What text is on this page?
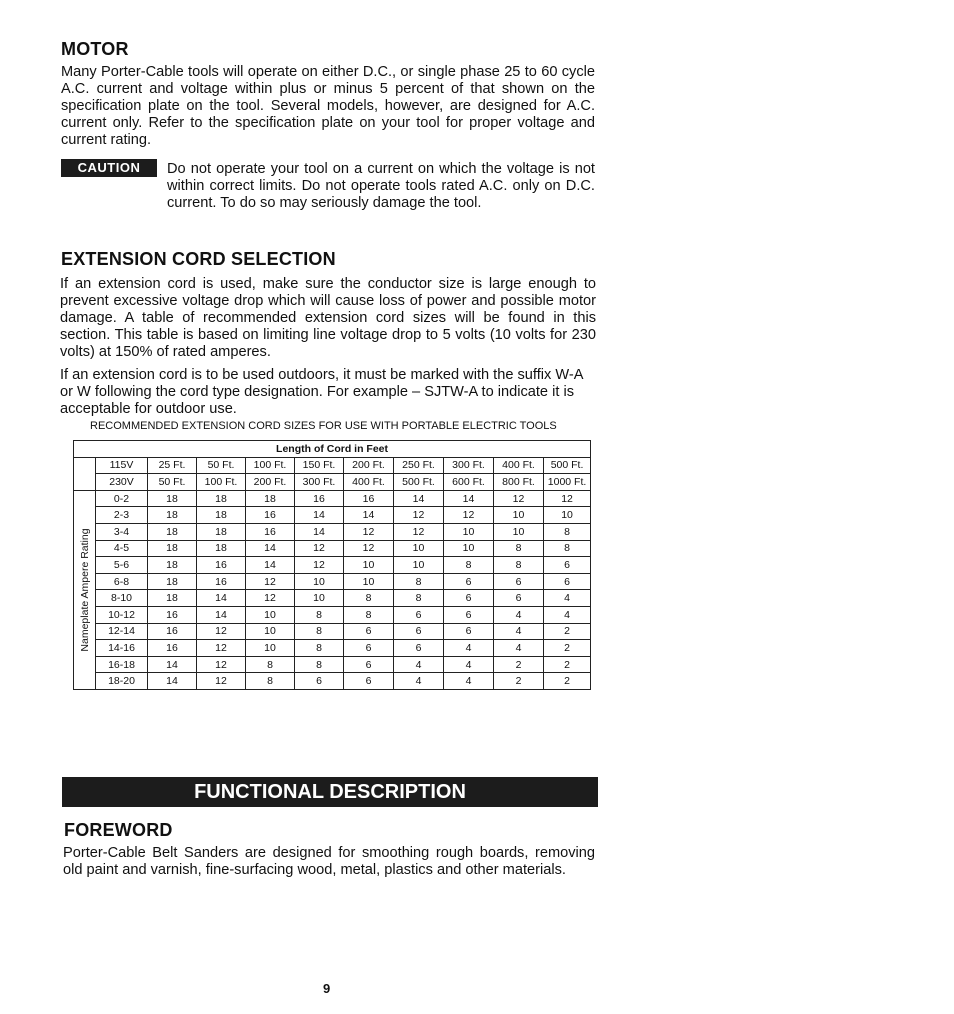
MOTOR

Many Porter-Cable tools will operate on either D.C., or single phase 25 to 60 cycle A.C. current and voltage within plus or minus 5 percent of that shown on the specification plate on the tool. Several models, however, are designed for A.C. current only. Refer to the specification plate on your tool for proper voltage and current rating.

CAUTION	Do not operate your tool on a current on which the voltage is not within correct limits. Do not operate tools rated A.C. only on D.C. current. To do so may seriously damage the tool.

EXTENSION CORD SELECTION

If an extension cord is used, make sure the conductor size is large enough to prevent excessive voltage drop which will cause loss of power and possible motor damage. A table of recommended extension cord sizes will be found in this section. This table is based on limiting line voltage drop to 5 volts (10 volts for 230 volts) at 150% of rated amperes.

If an extension cord is to be used outdoors, it must be marked with the suffix W-A or W following the cord type designation. For example – SJTW-A to indicate it is acceptable for outdoor use.

RECOMMENDED EXTENSION CORD SIZES FOR USE WITH PORTABLE ELECTRIC TOOLS
Length of Cord in Feet										
	115V	25 Ft.	50 Ft.	100 Ft.	150 Ft.	200 Ft.	250 Ft.	300 Ft.	400 Ft.	500 Ft.
	230V	50 Ft.	100 Ft.	200 Ft.	300 Ft.	400 Ft.	500 Ft.	600 Ft.	800 Ft.	1000 Ft.

Nameplate Ampere Rating	0-2	18	18	18	16	16	14	14	12	12
	2-3	18	18	16	14	14	12	12	10	10
	3-4	18	18	16	14	12	12	10	10	8
	4-5	18	18	14	12	12	10	10	8	8
	5-6	18	16	14	12	10	10	8	8	6
	6-8	18	16	12	10	10	8	6	6	6
	8-10	18	14	12	10	8	8	6	6	4
	10-12	16	14	10	8	8	6	6	4	4
	12-14	16	12	10	8	6	6	6	4	2
	14-16	16	12	10	8	6	6	4	4	2
	16-18	14	12	8	8	6	4	4	2	2
	18-20	14	12	8	6	6	4	4	2	2
FUNCTIONAL DESCRIPTION
FOREWORD

Porter-Cable Belt Sanders are designed for smoothing rough boards, removing old paint and varnish, fine-surfacing wood, metal, plastics and other materials.

9
